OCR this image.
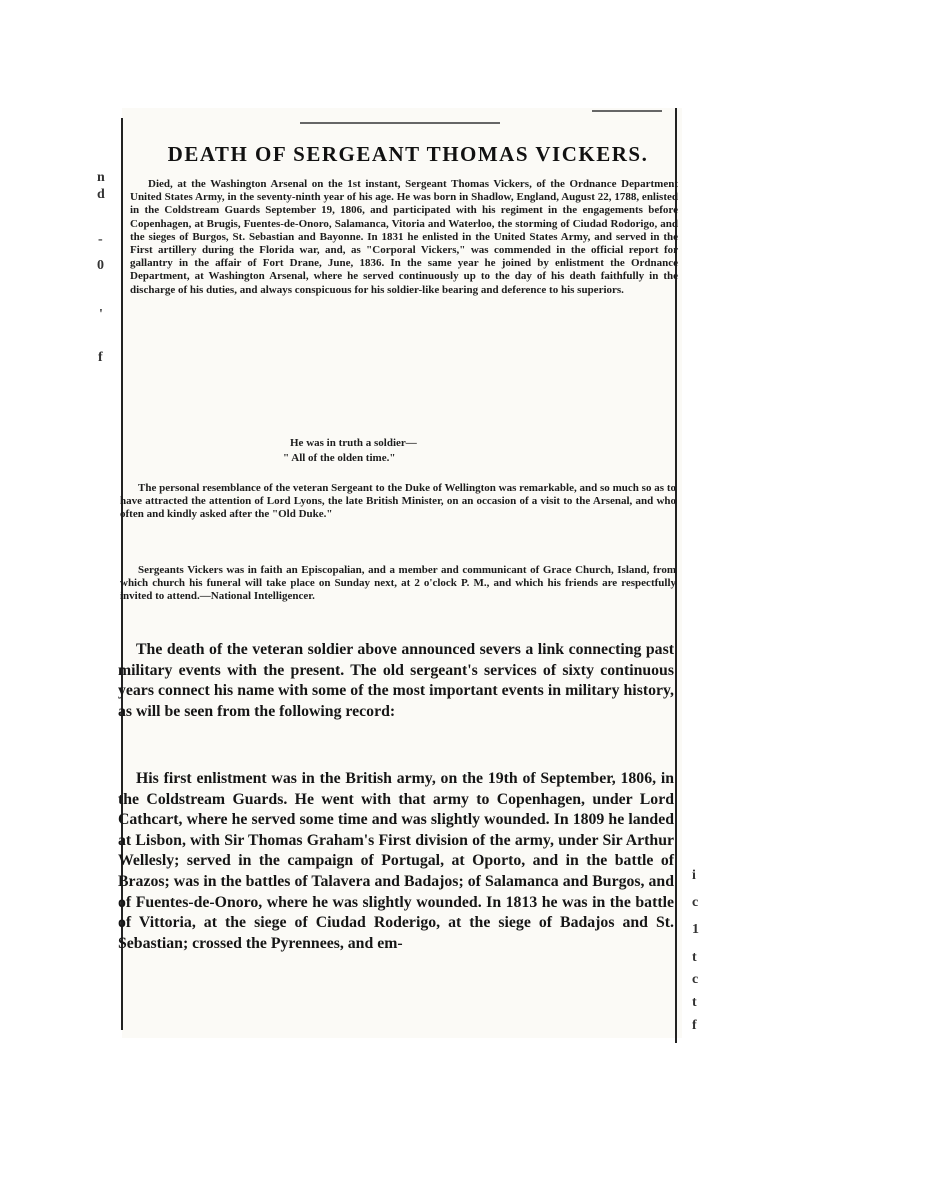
n
d
-
0
'
f
i
c
1
t
c
t
f
DEATH OF SERGEANT THOMAS VICKERS.
Died, at the Washington Arsenal on the 1st instant, Sergeant Thomas Vickers, of the Ordnance Department United States Army, in the seventy-ninth year of his age. He was born in Shadlow, England, August 22, 1788, enlisted in the Coldstream Guards September 19, 1806, and participated with his regiment in the engagements before Copenhagen, at Brugis, Fuentes-de-Onoro, Salamanca, Vitoria and Waterloo, the storming of Ciudad Rodorigo, and the sieges of Burgos, St. Sebastian and Bayonne. In 1831 he enlisted in the United States Army, and served in the First artillery during the Florida war, and, as "Corporal Vickers," was commended in the official report for gallantry in the affair of Fort Drane, June, 1836. In the same year he joined by enlistment the Ordnance Department, at Washington Arsenal, where he served continuously up to the day of his death faithfully in the discharge of his duties, and always conspicuous for his soldier-like bearing and deference to his superiors.
He was in truth a soldier—
" All of the olden time."
The personal resemblance of the veteran Sergeant to the Duke of Wellington was remarkable, and so much so as to have attracted the attention of Lord Lyons, the late British Minister, on an occasion of a visit to the Arsenal, and who often and kindly asked after the "Old Duke."
Sergeants Vickers was in faith an Episcopalian, and a member and communicant of Grace Church, Island, from which church his funeral will take place on Sunday next, at 2 o'clock P. M., and which his friends are respectfully invited to attend.—National Intelligencer.
The death of the veteran soldier above announced severs a link connecting past military events with the present. The old sergeant's services of sixty continuous years connect his name with some of the most important events in military history, as will be seen from the following record:
His first enlistment was in the British army, on the 19th of September, 1806, in the Coldstream Guards. He went with that army to Copenhagen, under Lord Cathcart, where he served some time and was slightly wounded. In 1809 he landed at Lisbon, with Sir Thomas Graham's First division of the army, under Sir Arthur Wellesly; served in the campaign of Portugal, at Oporto, and in the battle of Brazos; was in the battles of Talavera and Badajos; of Salamanca and Burgos, and of Fuentes-de-Onoro, where he was slightly wounded. In 1813 he was in the battle of Vittoria, at the siege of Ciudad Roderigo, at the siege of Badajos and St. Sebastian; crossed the Pyrennees, and em-
